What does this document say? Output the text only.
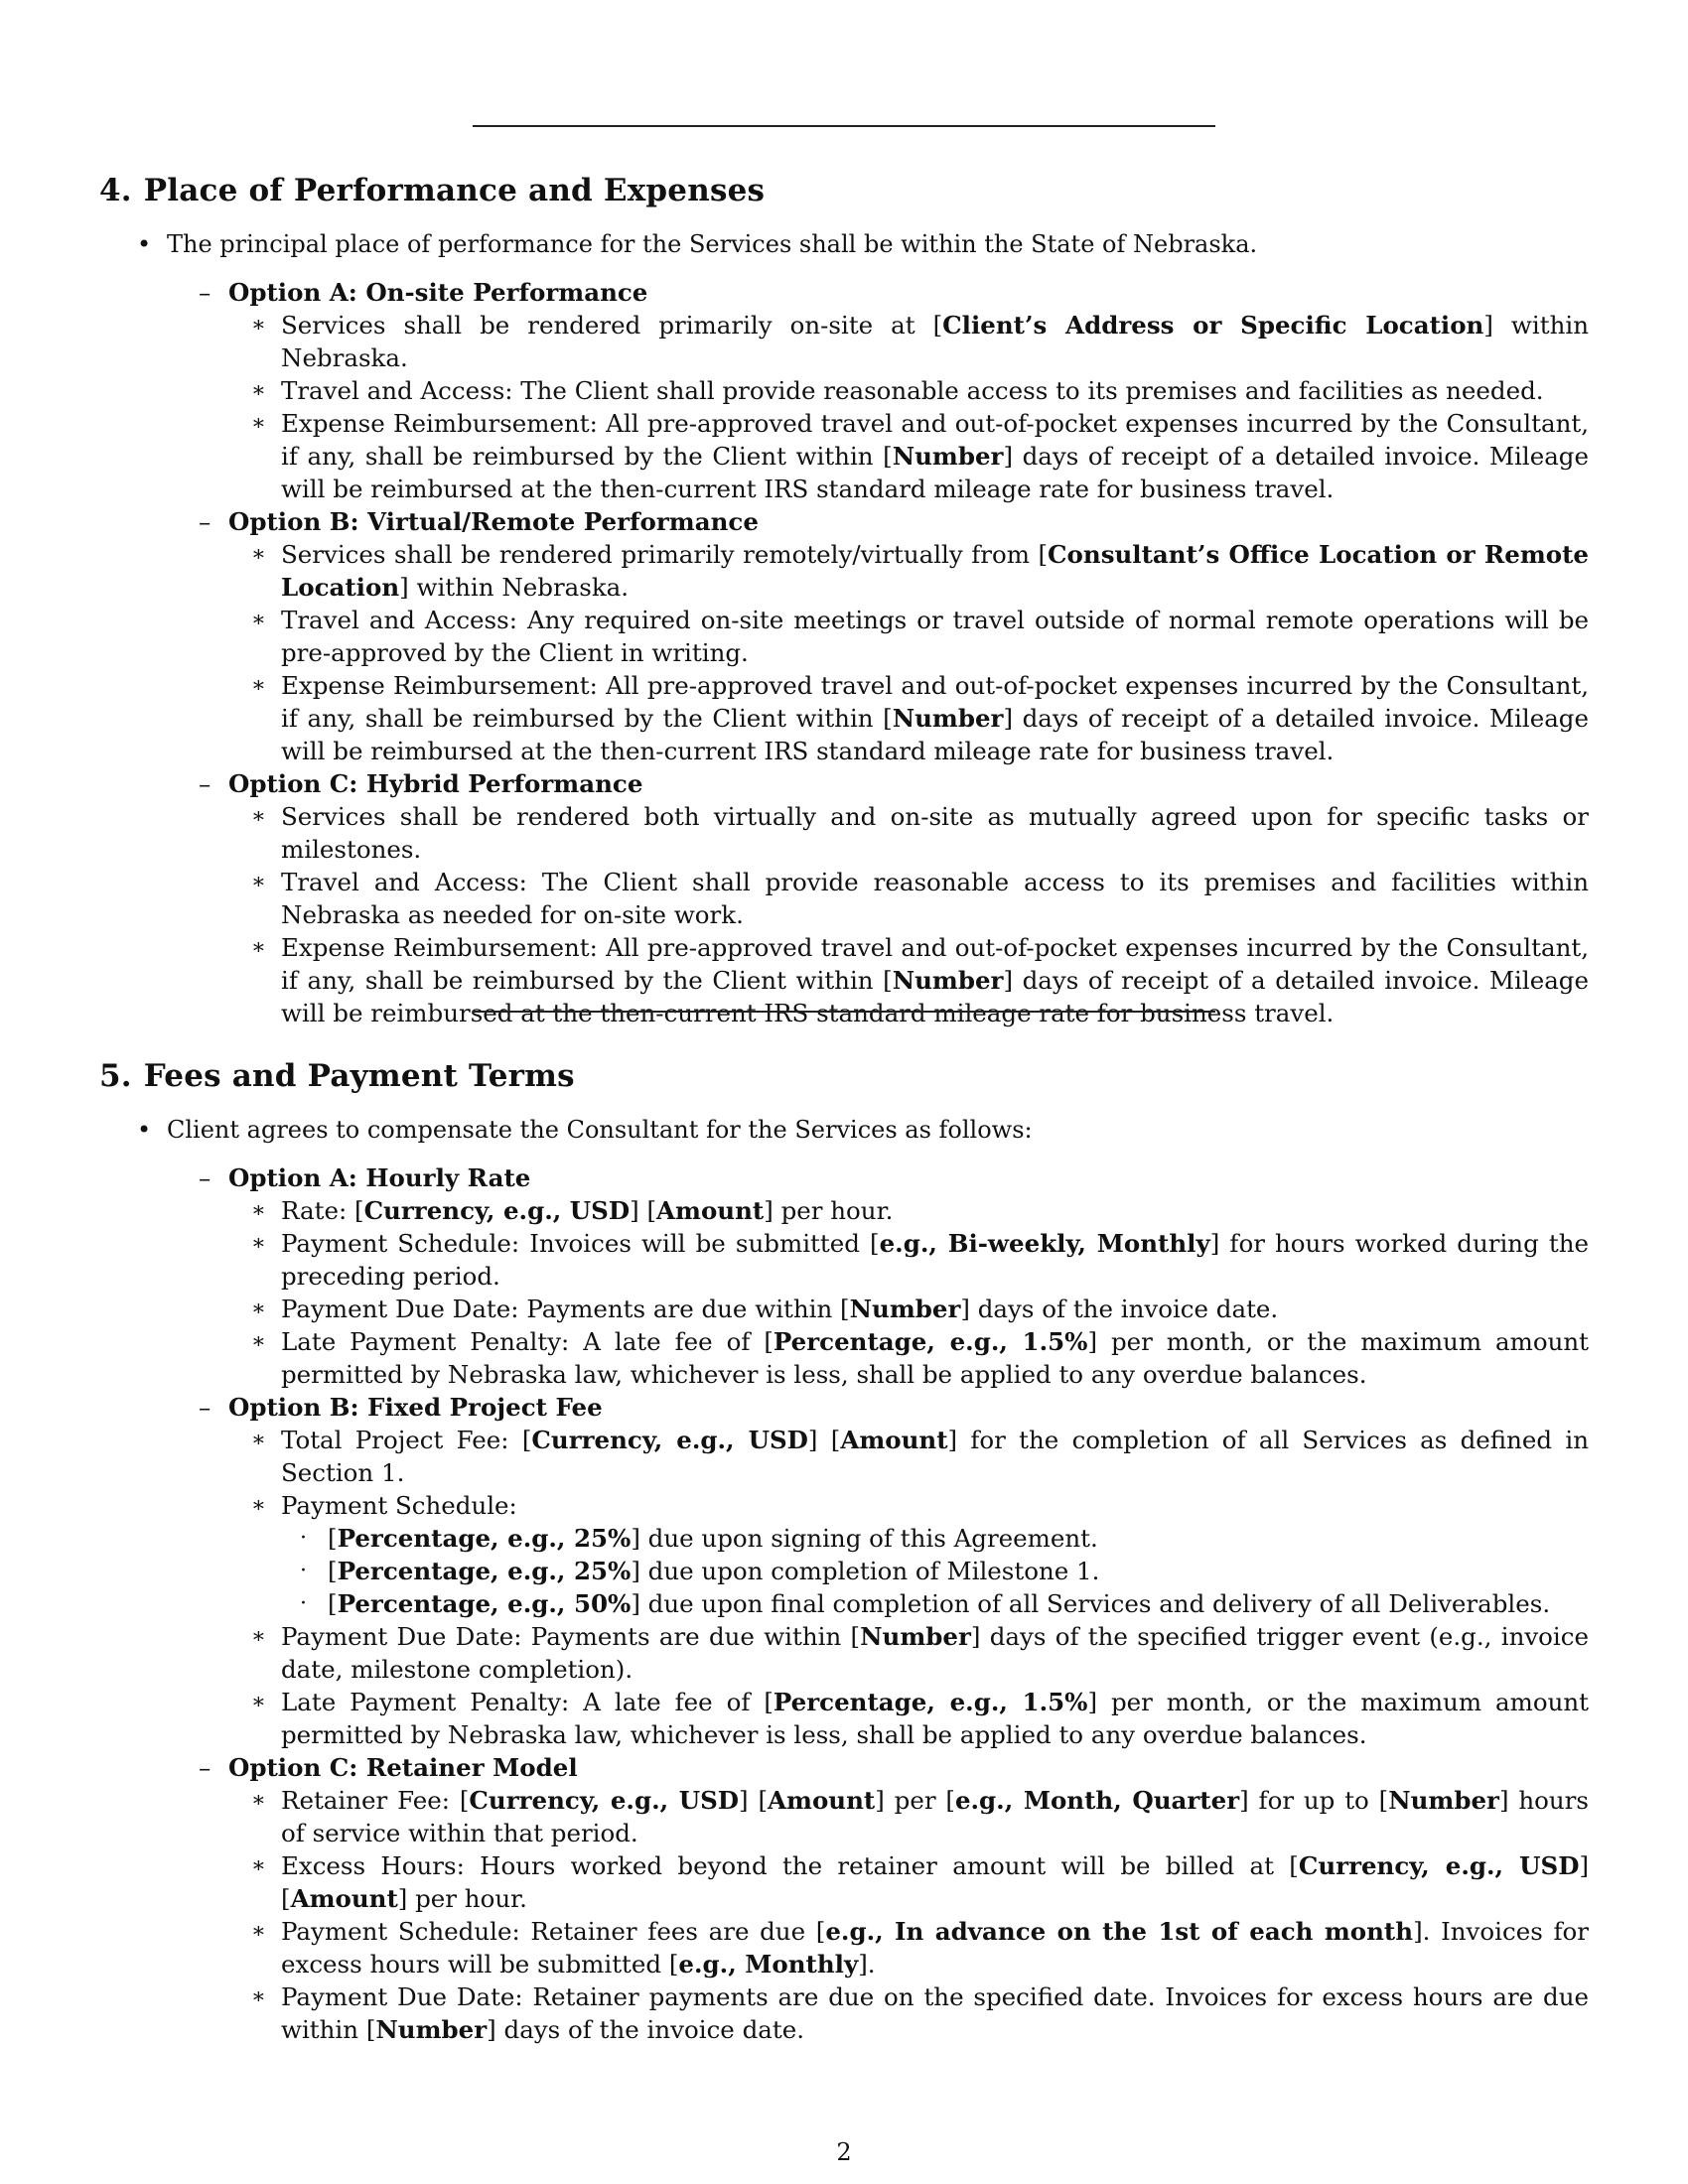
4. Place of Performance and Expenses
• The principal place of performance for the Services shall be within the State of Nebraska.
– Option A: On-site Performance
∗ Services shall be rendered primarily on-site at [Client’s Address or Specific Location] within Nebraska.
∗ Travel and Access: The Client shall provide reasonable access to its premises and facilities as needed.
∗ Expense Reimbursement: All pre-approved travel and out-of-pocket expenses incurred by the Consultant, if any, shall be reimbursed by the Client within [Number] days of receipt of a detailed invoice. Mileage will be reimbursed at the then-current IRS standard mileage rate for business travel.
– Option B: Virtual/Remote Performance
∗ Services shall be rendered primarily remotely/virtually from [Consultant’s Office Location or Remote Location] within Nebraska.
∗ Travel and Access: Any required on-site meetings or travel outside of normal remote operations will be pre-approved by the Client in writing.
∗ Expense Reimbursement: All pre-approved travel and out-of-pocket expenses incurred by the Consultant, if any, shall be reimbursed by the Client within [Number] days of receipt of a detailed invoice. Mileage will be reimbursed at the then-current IRS standard mileage rate for business travel.
– Option C: Hybrid Performance
∗ Services shall be rendered both virtually and on-site as mutually agreed upon for specific tasks or milestones.
∗ Travel and Access: The Client shall provide reasonable access to its premises and facilities within Nebraska as needed for on-site work.
∗ Expense Reimbursement: All pre-approved travel and out-of-pocket expenses incurred by the Consultant, if any, shall be reimbursed by the Client within [Number] days of receipt of a detailed invoice. Mileage will be reimbursed at the then-current IRS standard mileage rate for business travel.
5. Fees and Payment Terms
• Client agrees to compensate the Consultant for the Services as follows:
– Option A: Hourly Rate
∗ Rate: [Currency, e.g., USD] [Amount] per hour.
∗ Payment Schedule: Invoices will be submitted [e.g., Bi-weekly, Monthly] for hours worked during the preceding period.
∗ Payment Due Date: Payments are due within [Number] days of the invoice date.
∗ Late Payment Penalty: A late fee of [Percentage, e.g., 1.5%] per month, or the maximum amount permitted by Nebraska law, whichever is less, shall be applied to any overdue balances.
– Option B: Fixed Project Fee
∗ Total Project Fee: [Currency, e.g., USD] [Amount] for the completion of all Services as defined in Section 1.
∗ Payment Schedule:
· [Percentage, e.g., 25%] due upon signing of this Agreement.
· [Percentage, e.g., 25%] due upon completion of Milestone 1.
· [Percentage, e.g., 50%] due upon final completion of all Services and delivery of all Deliverables.
∗ Payment Due Date: Payments are due within [Number] days of the specified trigger event (e.g., invoice date, milestone completion).
∗ Late Payment Penalty: A late fee of [Percentage, e.g., 1.5%] per month, or the maximum amount permitted by Nebraska law, whichever is less, shall be applied to any overdue balances.
– Option C: Retainer Model
∗ Retainer Fee: [Currency, e.g., USD] [Amount] per [e.g., Month, Quarter] for up to [Number] hours of service within that period.
∗ Excess Hours: Hours worked beyond the retainer amount will be billed at [Currency, e.g., USD] [Amount] per hour.
∗ Payment Schedule: Retainer fees are due [e.g., In advance on the 1st of each month]. Invoices for excess hours will be submitted [e.g., Monthly].
∗ Payment Due Date: Retainer payments are due on the specified date. Invoices for excess hours are due within [Number] days of the invoice date.
2
